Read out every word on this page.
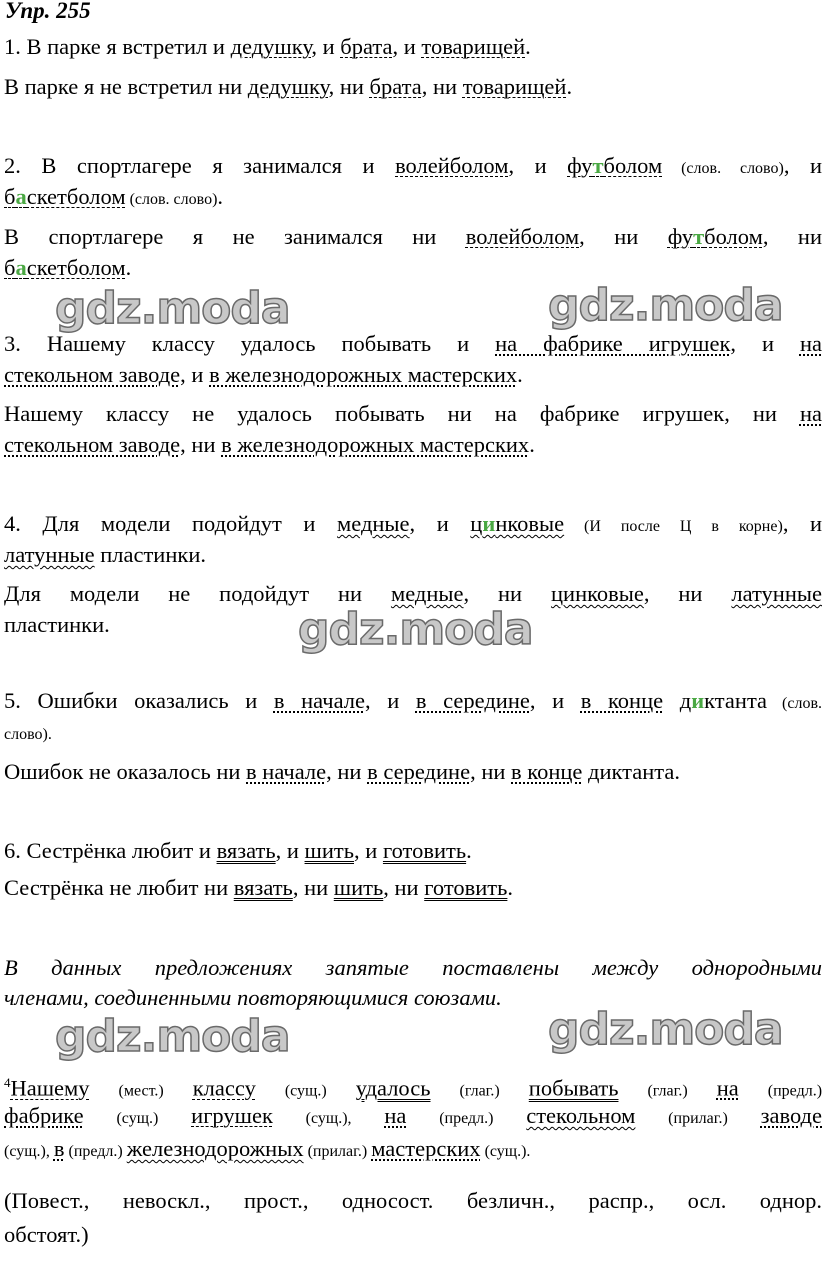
Упр. 255
1. В парке я встретил и дедушку, и брата, и товарищей.
В парке я не встретил ни дедушку, ни брата, ни товарищей.
2. В спортлагере я занимался и волейболом, и футболом (слов. слово), и
баскетболом (слов. слово).
В спортлагере я не занимался ни волейболом, ни футболом, ни
баскетболом.
3. Нашему классу удалось побывать и на фабрике игрушек, и на
стекольном заводе, и в железнодорожных мастерских.
Нашему классу не удалось побывать ни на фабрике игрушек, ни на
стекольном заводе, ни в железнодорожных мастерских.
4. Для модели подойдут и медные, и цинковые (И после Ц в корне), и
латунные пластинки.
Для модели не подойдут ни медные, ни цинковые, ни латунные
пластинки.
5. Ошибки оказались и в начале, и в середине, и в конце диктанта (слов.
слово).
Ошибок не оказалось ни в начале, ни в середине, ни в конце диктанта.
6. Сестрёнка любит и вязать, и шить, и готовить.
Сестрёнка не любит ни вязать, ни шить, ни готовить.
В данных предложениях запятые поставлены между однородными
членами, соединенными повторяющимися союзами.
$^4$Нашему (мест.) классу (сущ.) удалось (глаг.) побывать (глаг.) на (предл.)
фабрике (сущ.) игрушек (сущ.), на (предл.) стекольном (прилаг.) заводе
(сущ.), в (предл.) железнодорожных (прилаг.) мастерских (сущ.).
(Повест., невоскл., прост., односост. безличн., распр., осл. однор.
обстоят.)
gdz.moda	gdz.moda
gdz.moda
gdz.moda	gdz.moda
